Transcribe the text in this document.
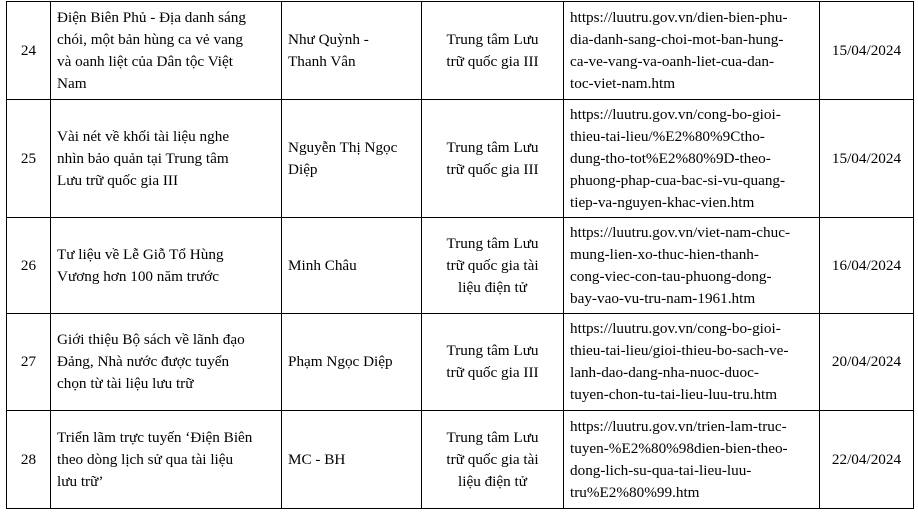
24	Điện Biên Phủ - Địa danh sáng
chói, một bản hùng ca vẻ vang
và oanh liệt của Dân tộc Việt
Nam	Như Quỳnh -
Thanh Vân	Trung tâm Lưu
trữ quốc gia III	https://luutru.gov.vn/dien-bien-phu-
dia-danh-sang-choi-mot-ban-hung-
ca-ve-vang-va-oanh-liet-cua-dan-
toc-viet-nam.htm	15/04/2024
25	Vài nét về khối tài liệu nghe
nhìn bảo quản tại Trung tâm
Lưu trữ quốc gia III	Nguyễn Thị Ngọc
Diệp	Trung tâm Lưu
trữ quốc gia III	https://luutru.gov.vn/cong-bo-gioi-
thieu-tai-lieu/%E2%80%9Ctho-
dung-tho-tot%E2%80%9D-theo-
phuong-phap-cua-bac-si-vu-quang-
tiep-va-nguyen-khac-vien.htm	15/04/2024
26	Tư liệu về Lễ Giỗ Tổ Hùng
Vương hơn 100 năm trước	Minh Châu	Trung tâm Lưu
trữ quốc gia tài
liệu điện tử	https://luutru.gov.vn/viet-nam-chuc-
mung-lien-xo-thuc-hien-thanh-
cong-viec-con-tau-phuong-dong-
bay-vao-vu-tru-nam-1961.htm	16/04/2024
27	Giới thiệu Bộ sách về lãnh đạo
Đảng, Nhà nước được tuyển
chọn từ tài liệu lưu trữ	Phạm Ngọc Diệp	Trung tâm Lưu
trữ quốc gia III	https://luutru.gov.vn/cong-bo-gioi-
thieu-tai-lieu/gioi-thieu-bo-sach-ve-
lanh-dao-dang-nha-nuoc-duoc-
tuyen-chon-tu-tai-lieu-luu-tru.htm	20/04/2024
28	Triển lãm trực tuyến ‘Điện Biên
theo dòng lịch sử qua tài liệu
lưu trữ’	MC - BH	Trung tâm Lưu
trữ quốc gia tài
liệu điện tử	https://luutru.gov.vn/trien-lam-truc-
tuyen-%E2%80%98dien-bien-theo-
dong-lich-su-qua-tai-lieu-luu-
tru%E2%80%99.htm	22/04/2024
